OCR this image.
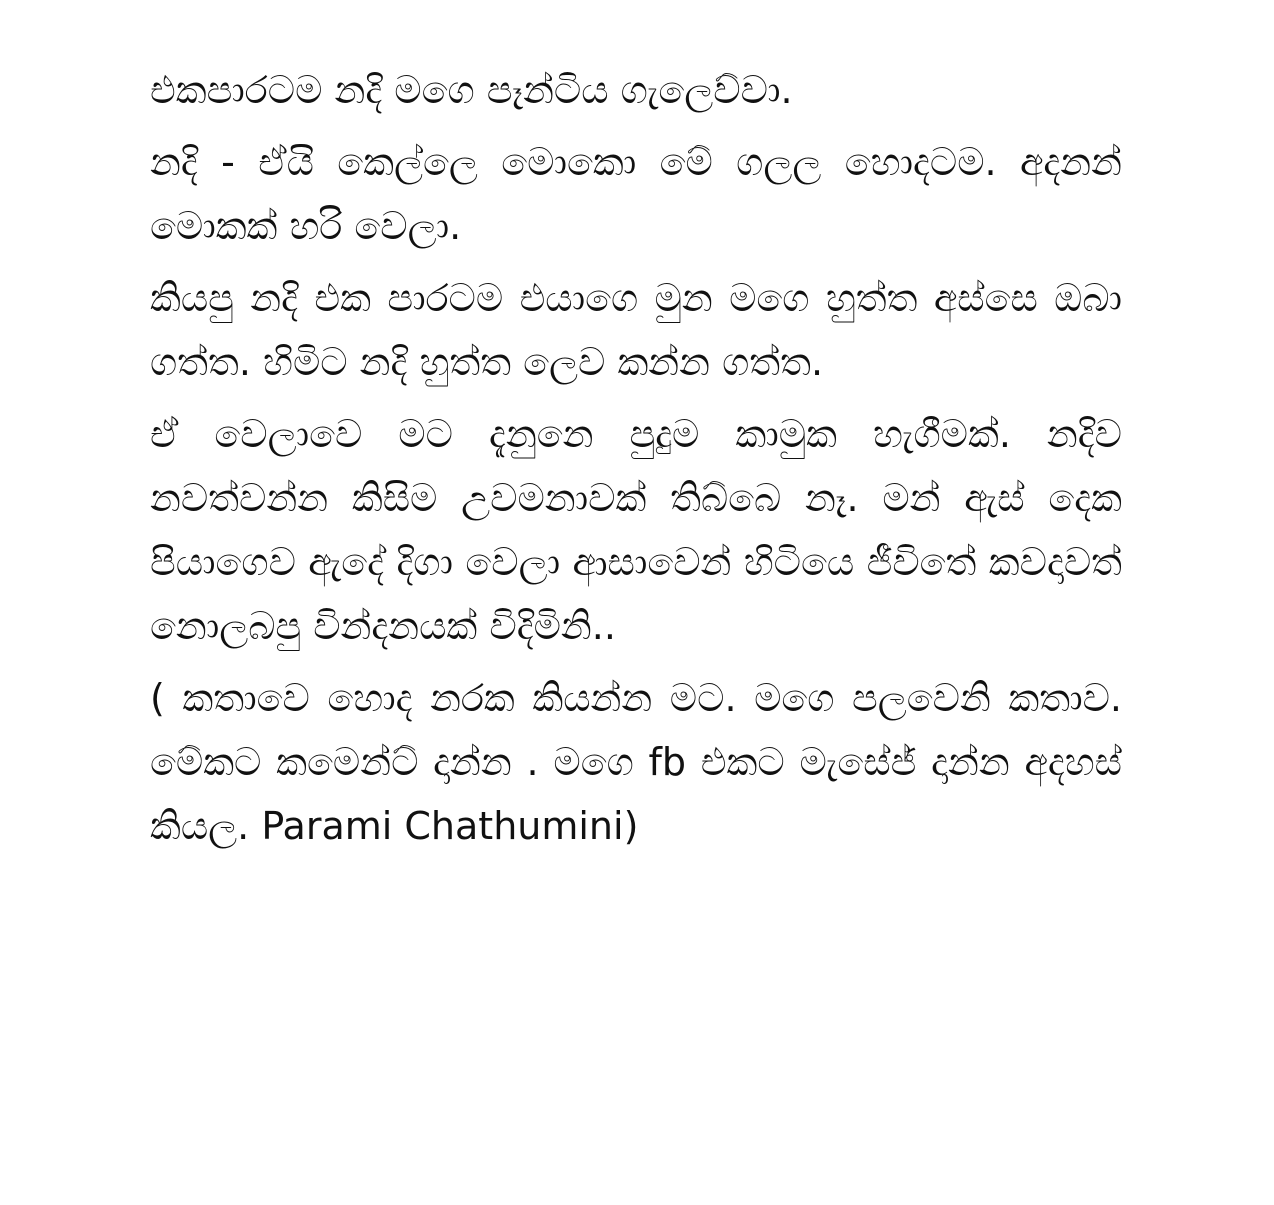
එකපාරටම නදි මගෙ පෑන්ටිය ගැලෙව්වා.

නදි - ඒයි කෙල්ලෙ මොකො මේ ගලල හොදටම. අදනන් මොකක් හරි වෙලා.

කියපු නදි එක පාරටම එයාගෙ මුන මගෙ හුත්ත අස්සෙ ඔබා ගත්ත. හිමිට නදි හුත්ත ලෙව කන්න ගත්ත.

ඒ වෙලාවෙ මට දැනුනෙ පුදුම කාමුක හැගීමක්. නදිව නවත්වන්න කිසිම උවමනාවක් තිබ්බෙ නෑ. මන් ඇස් දෙක පියාගෙව ඇදේ දිගා වෙලා ආසාවෙන් හිටියෙ ජීවිතේ කවදාවත් නොලබපු වින්දනයක් විදිමිනි..

( කතාවෙ හොද නරක කියන්න මට. මගෙ පලවෙනි කතාව. මේකට කමෙන්ට් දාන්න . මගෙ fb එකට මැසේජ් දාන්න අදහස් කියල. Parami Chathumini)
